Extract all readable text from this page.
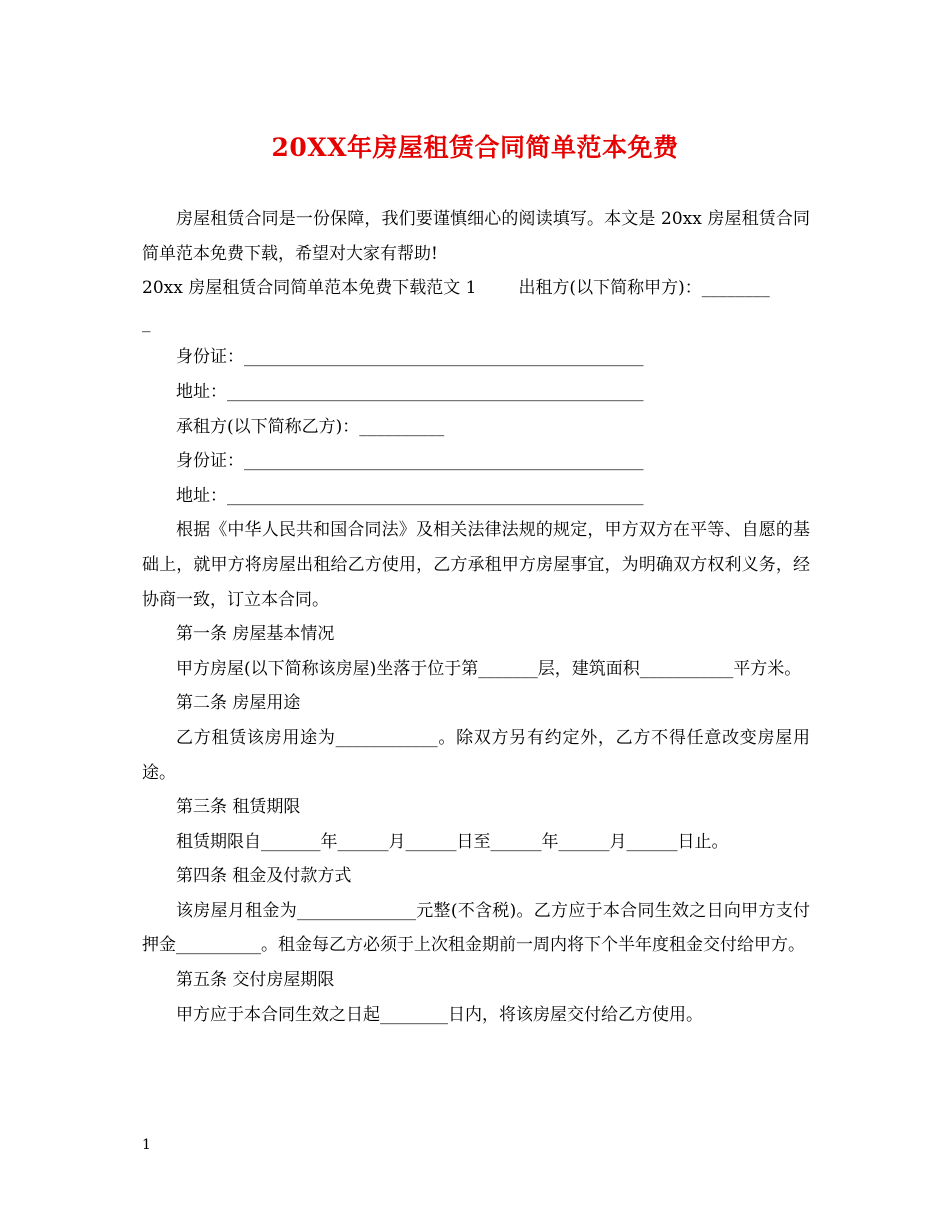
20XX年房屋租赁合同简单范本免费

房屋租赁合同是一份保障，我们要谨慎细心的阅读填写。本文是 20xx 房屋租赁合同简单范本免费下载，希望对大家有帮助!

20xx 房屋租赁合同简单范本免费下载范文 1 出租方(以下简称甲方)：________

_

身份证：_______________________________________________

地址：_________________________________________________

承租方(以下简称乙方)：__________

身份证：_______________________________________________

地址：_________________________________________________

根据《中华人民共和国合同法》及相关法律法规的规定，甲方双方在平等、自愿的基础上，就甲方将房屋出租给乙方使用，乙方承租甲方房屋事宜，为明确双方权利义务，经协商一致，订立本合同。

第一条 房屋基本情况

甲方房屋(以下简称该房屋)坐落于位于第_______层，建筑面积___________平方米。

第二条 房屋用途

乙方租赁该房用途为____________。除双方另有约定外，乙方不得任意改变房屋用途。

第三条 租赁期限

租赁期限自_______年______月______日至______年______月______日止。

第四条 租金及付款方式

该房屋月租金为______________元整(不含税)。乙方应于本合同生效之日向甲方支付押金__________。租金每乙方必须于上次租金期前一周内将下个半年度租金交付给甲方。

第五条 交付房屋期限

甲方应于本合同生效之日起________日内，将该房屋交付给乙方使用。

1
